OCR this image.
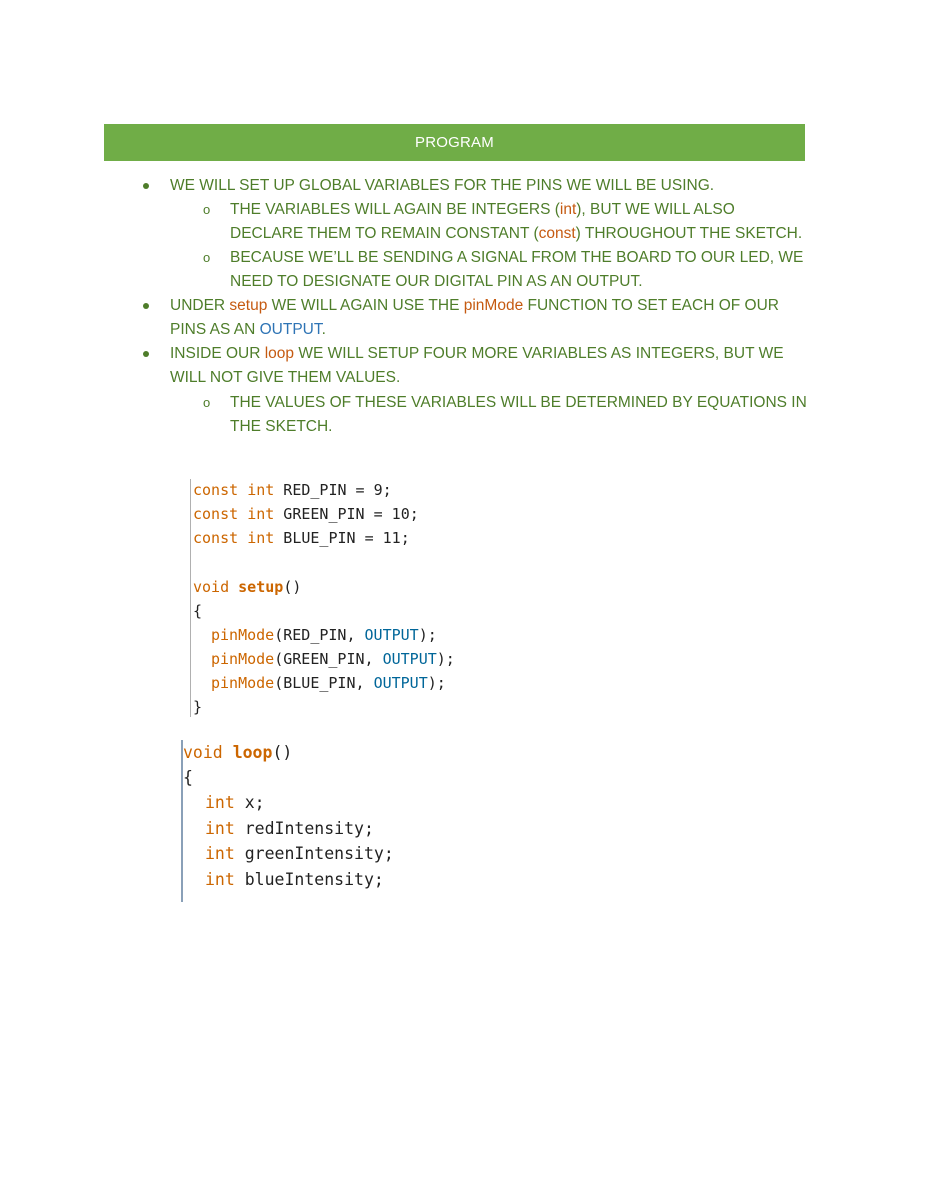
PROGRAM
WE WILL SET UP GLOBAL VARIABLES FOR THE PINS WE WILL BE USING.
o THE VARIABLES WILL AGAIN BE INTEGERS (int), BUT WE WILL ALSO
DECLARE THEM TO REMAIN CONSTANT (const) THROUGHOUT THE SKETCH.
o BECAUSE WE’LL BE SENDING A SIGNAL FROM THE BOARD TO OUR LED, WE
NEED TO DESIGNATE OUR DIGITAL PIN AS AN OUTPUT.
UNDER setup WE WILL AGAIN USE THE pinMode FUNCTION TO SET EACH OF OUR
PINS AS AN OUTPUT.
INSIDE OUR loop WE WILL SETUP FOUR MORE VARIABLES AS INTEGERS, BUT WE
WILL NOT GIVE THEM VALUES.
o THE VALUES OF THESE VARIABLES WILL BE DETERMINED BY EQUATIONS IN
THE SKETCH.
const int RED_PIN = 9;
const int GREEN_PIN = 10;
const int BLUE_PIN = 11;
void setup()
{
pinMode(RED_PIN, OUTPUT);
pinMode(GREEN_PIN, OUTPUT);
pinMode(BLUE_PIN, OUTPUT);
}
void loop()
{
int x;
int redIntensity;
int greenIntensity;
int blueIntensity;
